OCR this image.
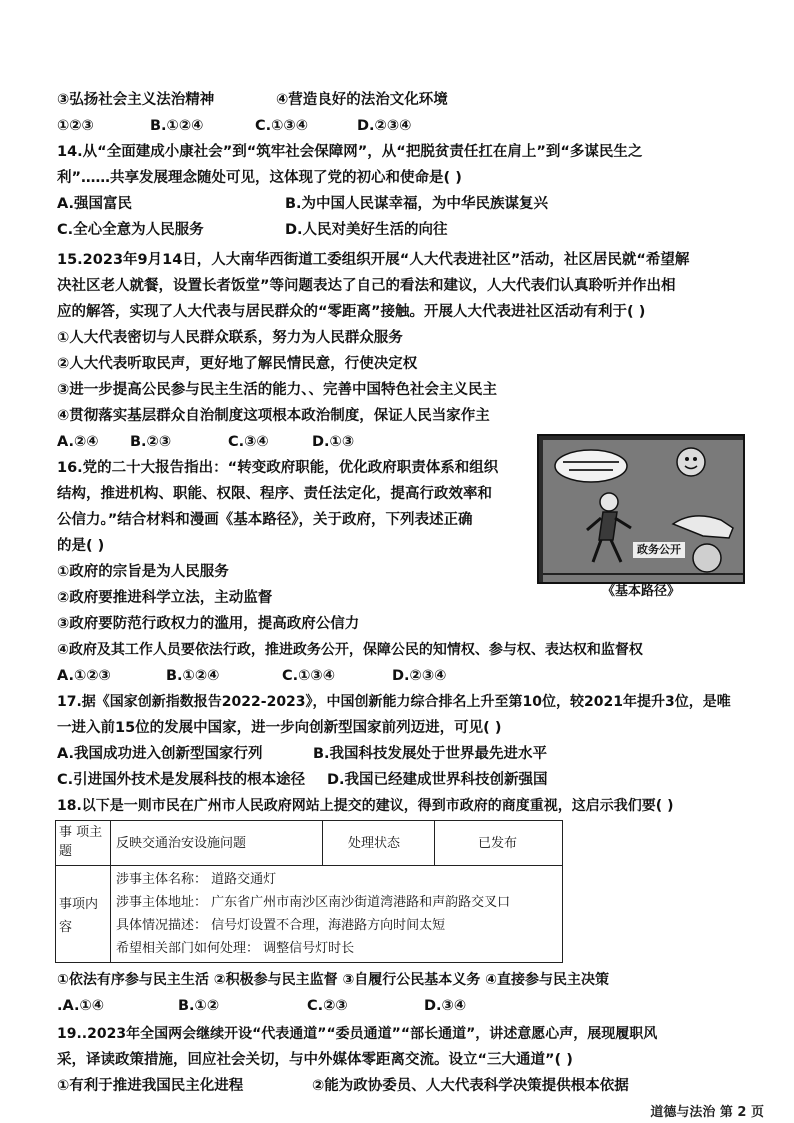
③弘扬社会主义法治精神	④营造良好的法治文化环境
①②③	B.①②④	C.①③④	D.②③④
14.从“全面建成小康社会”到“筑牢社会保障网”，从“把脱贫责任扛在肩上”到“多谋民生之
利”……共享发展理念随处可见，这体现了党的初心和使命是( )
A.强国富民	B.为中国人民谋幸福，为中华民族谋复兴
C.全心全意为人民服务	D.人民对美好生活的向往
15.2023年9月14日，人大南华西街道工委组织开展“人大代表进社区”活动，社区居民就“希望解
决社区老人就餐，设置长者饭堂”等问题表达了自己的看法和建议，人大代表们认真聆听并作出相
应的解答，实现了人大代表与居民群众的“零距离”接触。开展人大代表进社区活动有利于( )
①人大代表密切与人民群众联系，努力为人民群众服务
②人大代表听取民声，更好地了解民情民意，行使决定权
③进一步提高公民参与民主生活的能力、、完善中国特色社会主义民主
④贯彻落实基层群众自治制度这项根本政治制度，保证人民当家作主
A.②④ B.②③	C.③④	D.①③
16.党的二十大报告指出：“转变政府职能，优化政府职责体系和组织
结构，推进机构、职能、权限、程序、责任法定化，提高行政效率和
公信力。”结合材料和漫画《基本路径》，关于政府，下列表述正确
的是( )	政务公开
《基本路径》
①政府的宗旨是为人民服务
②政府要推进科学立法，主动监督
③政府要防范行政权力的滥用，提高政府公信力
④政府及其工作人员要依法行政，推进政务公开，保障公民的知情权、参与权、表达权和监督权
A.①②③	B.①②④	C.①③④	D.②③④
17.据《国家创新指数报告2022-2023》，中国创新能力综合排名上升至第10位，较2021年提升3位，是唯
一进入前15位的发展中国家，进一步向创新型国家前列迈进，可见( )
A.我国成功进入创新型国家行列	B.我国科技发展处于世界最先进水平
C.引进国外技术是发展科技的根本途径 D.我国已经建成世界科技创新强国
18.以下是一则市民在广州市人民政府网站上提交的建议，得到市政府的商度重视，这启示我们要( )
事 项主
题
反映交通治安设施问题	处理状态	已发布
事项内
容
涉事主体名称： 道路交通灯
涉事主体地址： 广东省广州市南沙区南沙街道湾港路和声韵路交叉口
具体情况描述： 信号灯设置不合理，海港路方向时间太短
希望相关部门如何处理： 调整信号灯时长
①依法有序参与民主生活 ②积极参与民主监督 ③自履行公民基本义务 ④直接参与民主决策
.A.①④	B.①②	C.②③	D.③④
19..2023年全国两会继续开设“代表通道”“委员通道”“部长通道”，讲述意愿心声，展现履职风
采，译读政策措施，回应社会关切，与中外媒体零距离交流。设立“三大通道”( )
①有利于推进我国民主化进程	②能为政协委员、人大代表科学决策提供根本依据
道德与法治 第 2 页
